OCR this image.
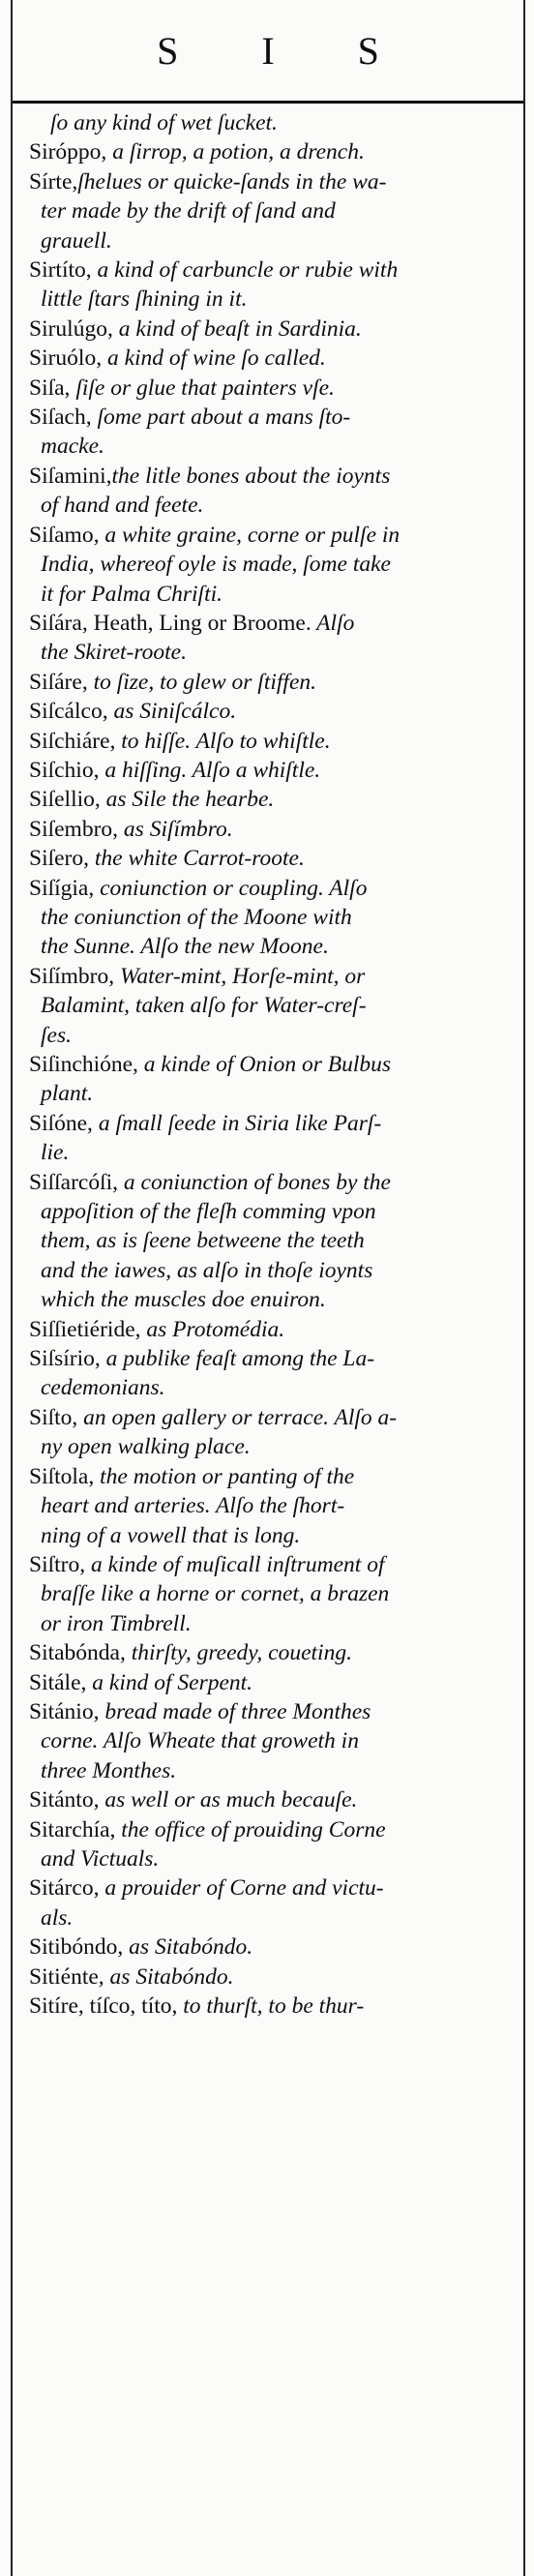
S I S
ſo any kind of wet ſucket.
Siróppo, a ſirrop, a potion, a drench.
Sírte,ſhelues or quicke-ſands in the wa-
ter made by the drift of ſand and
grauell.
Sirtíto, a kind of carbuncle or rubie with
little ſtars ſhining in it.
Sirulúgo, a kind of beaſt in Sardinia.
Siruólo, a kind of wine ſo called.
Siſa, ſiſe or glue that painters vſe.
Siſach, ſome part about a mans ſto-
macke.
Siſamini,the litle bones about the ioynts
of hand and feete.
Siſamo, a white graine, corne or pulſe in
India, whereof oyle is made, ſome take
it for Palma Chriſti.
Siſára, Heath, Ling or Broome. Alſo
the Skiret-roote.
Siſáre, to ſize, to glew or ſtiffen.
Siſcálco, as Siniſcálco.
Siſchiáre, to hiſſe. Alſo to whiſtle.
Siſchio, a hiſſing. Alſo a whiſtle.
Siſellio, as Sile the hearbe.
Siſembro, as Siſímbro.
Siſero, the white Carrot-roote.
Siſígia, coniunction or coupling. Alſo
the coniunction of the Moone with
the Sunne. Alſo the new Moone.
Siſímbro, Water-mint, Horſe-mint, or
Balamint, taken alſo for Water-creſ-
ſes.
Siſinchióne, a kinde of Onion or Bulbus
plant.
Siſóne, a ſmall ſeede in Siria like Parſ-
lie.
Siſſarcóſi, a coniunction of bones by the
appoſition of the fleſh comming vpon
them, as is ſeene betweene the teeth
and the iawes, as alſo in thoſe ioynts
which the muscles doe enuiron.
Siſſietiéride, as Protomédia.
Siſsírio, a publike feaſt among the La-
cedemonians.
Siſto, an open gallery or terrace. Alſo a-
ny open walking place.
Siſtola, the motion or panting of the
heart and arteries. Alſo the ſhort-
ning of a vowell that is long.
Siſtro, a kinde of muſicall inſtrument of
braſſe like a horne or cornet, a brazen
or iron Timbrell.
Sitabónda, thirſty, greedy, coueting.
Sitále, a kind of Serpent.
Sitánio, bread made of three Monthes
corne. Alſo Wheate that groweth in
three Monthes.
Sitánto, as well or as much becauſe.
Sitarchía, the office of prouiding Corne
and Victuals.
Sitárco, a prouider of Corne and victu-
als.
Sitibóndo, as Sitabóndo.
Sitiénte, as Sitabóndo.
Sitíre, tíſco, títo, to thurſt, to be thur-
